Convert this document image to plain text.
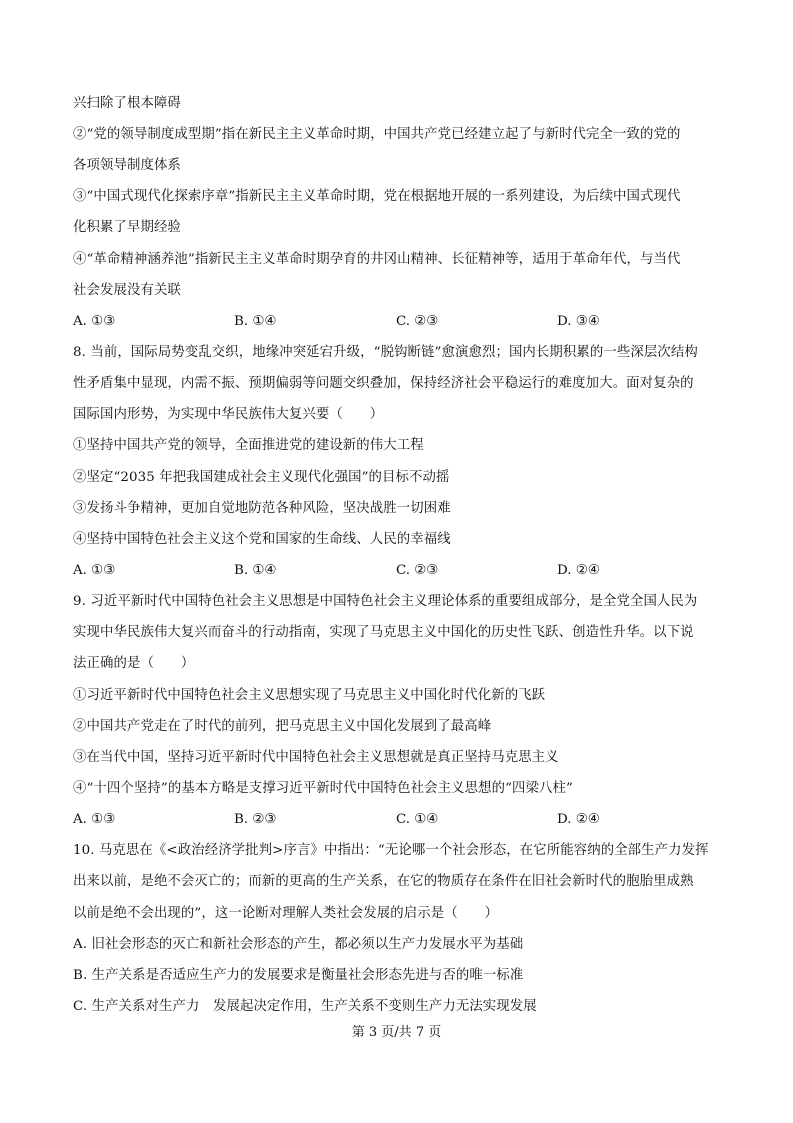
兴扫除了根本障碍
②“党的领导制度成型期”指在新民主主义革命时期，中国共产党已经建立起了与新时代完全一致的党的
各项领导制度体系
③“中国式现代化探索序章”指新民主主义革命时期，党在根据地开展的一系列建设，为后续中国式现代
化积累了早期经验
④“革命精神涵养池”指新民主主义革命时期孕育的井冈山精神、长征精神等，适用于革命年代，与当代
社会发展没有关联
A. ①③	B. ①④	C. ②③	D. ③④
8. 当前，国际局势变乱交织，地缘冲突延宕升级，“脱钩断链”愈演愈烈；国内长期积累的一些深层次结构
性矛盾集中显现，内需不振、预期偏弱等问题交织叠加，保持经济社会平稳运行的难度加大。面对复杂的
国际国内形势，为实现中华民族伟大复兴要（　　）
①坚持中国共产党的领导，全面推进党的建设新的伟大工程
②坚定“2035 年把我国建成社会主义现代化强国”的目标不动摇
③发扬斗争精神，更加自觉地防范各种风险，坚决战胜一切困难
④坚持中国特色社会主义这个党和国家的生命线、人民的幸福线
A. ①③	B. ①④	C. ②③	D. ②④
9. 习近平新时代中国特色社会主义思想是中国特色社会主义理论体系的重要组成部分，是全党全国人民为
实现中华民族伟大复兴而奋斗的行动指南，实现了马克思主义中国化的历史性飞跃、创造性升华。以下说
法正确的是（　　）
①习近平新时代中国特色社会主义思想实现了马克思主义中国化时代化新的飞跃
②中国共产党走在了时代的前列，把马克思主义中国化发展到了最高峰
③在当代中国，坚持习近平新时代中国特色社会主义思想就是真正坚持马克思主义
④“十四个坚持”的基本方略是支撑习近平新时代中国特色社会主义思想的“四梁八柱”
A. ①③	B. ②③	C. ①④	D. ②④
10. 马克思在《<政治经济学批判>序言》中指出：“无论哪一个社会形态，在它所能容纳的全部生产力发挥
出来以前，是绝不会灭亡的；而新的更高的生产关系，在它的物质存在条件在旧社会新时代的胞胎里成熟
以前是绝不会出现的”，这一论断对理解人类社会发展的启示是（　　）
A. 旧社会形态的灭亡和新社会形态的产生，都必须以生产力发展水平为基础
B. 生产关系是否适应生产力的发展要求是衡量社会形态先进与否的唯一标准
C. 生产关系对生产力　发展起决定作用，生产关系不变则生产力无法实现发展
第 3 页/共 7 页
